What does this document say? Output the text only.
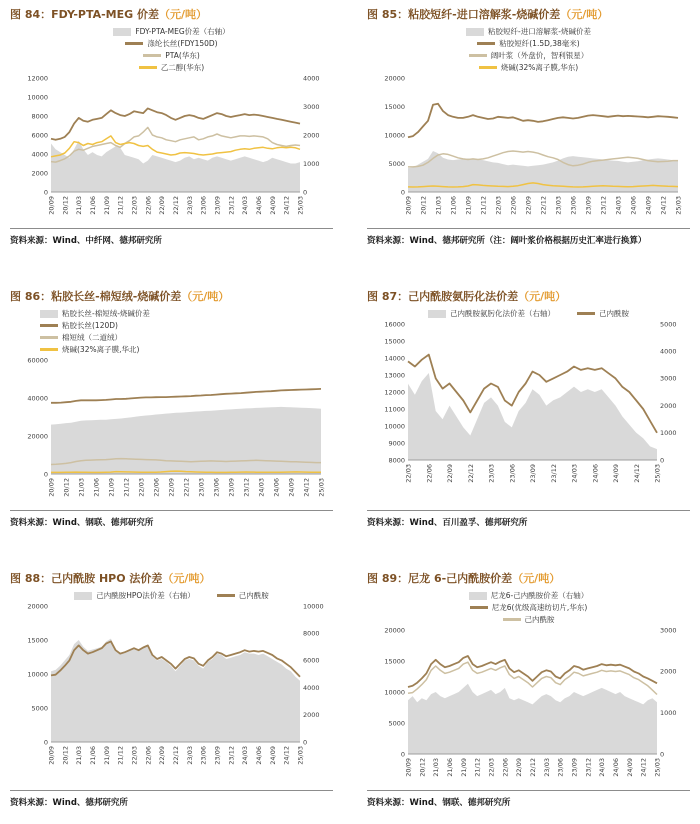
图 84：FDY-PTA-MEG 价差（元/吨）
FDY-PTA-MEG价差（右轴）
涤纶长丝(FDY150D)
PTA(华东)
乙二醇(华东)
0
2000
4000
6000
8000
10000
12000
0
1000
2000
3000
4000
20/09 20/12 21/03 21/06 21/09 21/12 22/03 22/06 22/09 22/12 23/03 23/06 23/09 23/12 24/03 24/06 24/09 24/12 25/03
资料来源：Wind、中纤网、德邦研究所
图 85：粘胶短纤-进口溶解浆-烧碱价差（元/吨）
粘胶短纤-进口溶解浆-烧碱价差
粘胶短纤(1.5D,38毫米)
阔叶浆（外盘价，智利银星）
烧碱(32%离子膜,华东)
0
5000
10000
15000
20000
20/09 20/12 21/03 21/06 21/09 21/12 22/03 22/06 22/09 22/12 23/03 23/06 23/09 23/12 24/03 24/06 24/09 24/12 25/03
资料来源：Wind、德邦研究所（注：阔叶浆价格根据历史汇率进行换算）
图 86：粘胶长丝-棉短绒-烧碱价差（元/吨）
粘胶长丝-棉短绒-烧碱价差
粘胶长丝(120D)
棉短绒（二道绒）
烧碱(32%离子膜,华北)
0
20000
40000
60000
20/09 20/12 21/03 21/06 21/09 21/12 22/03 22/06 22/09 22/12 23/03 23/06 23/09 23/12 24/03 24/06 24/09 24/12 25/03
资料来源：Wind、钢联、德邦研究所
图 87：己内酰胺氨肟化法价差（元/吨）
己内酰胺氨肟化法价差（右轴）	己内酰胺
8000
9000
10000
11000
12000
13000
14000
15000
16000
0
1000
2000
3000
4000
5000
22/03 22/06 22/09 22/12 23/03 23/06 23/09 23/12 24/03 24/06 24/09 24/12 25/03
资料来源：Wind、百川盈孚、德邦研究所
图 88：己内酰胺 HPO 法价差（元/吨）
己内酰胺HPO法价差（右轴）	己内酰胺
0
5000
10000
15000
20000
0
2000
4000
6000
8000
10000
20/09 20/12 21/03 21/06 21/09 21/12 22/03 22/06 22/09 22/12 23/03 23/06 23/09 23/12 24/03 24/06 24/09 24/12 25/03
资料来源：Wind、德邦研究所
图 89：尼龙 6-己内酰胺价差（元/吨）
尼龙6-己内酰胺价差（右轴）
尼龙6(优级高速纺切片,华东)
己内酰胺
0
5000
10000
15000
20000
0
1000
2000
3000
20/09 20/12 21/03 21/06 21/09 21/12 22/03 22/06 22/09 22/12 23/03 23/06 23/09 23/12 24/03 24/06 24/09 24/12 25/03
资料来源：Wind、钢联、德邦研究所
